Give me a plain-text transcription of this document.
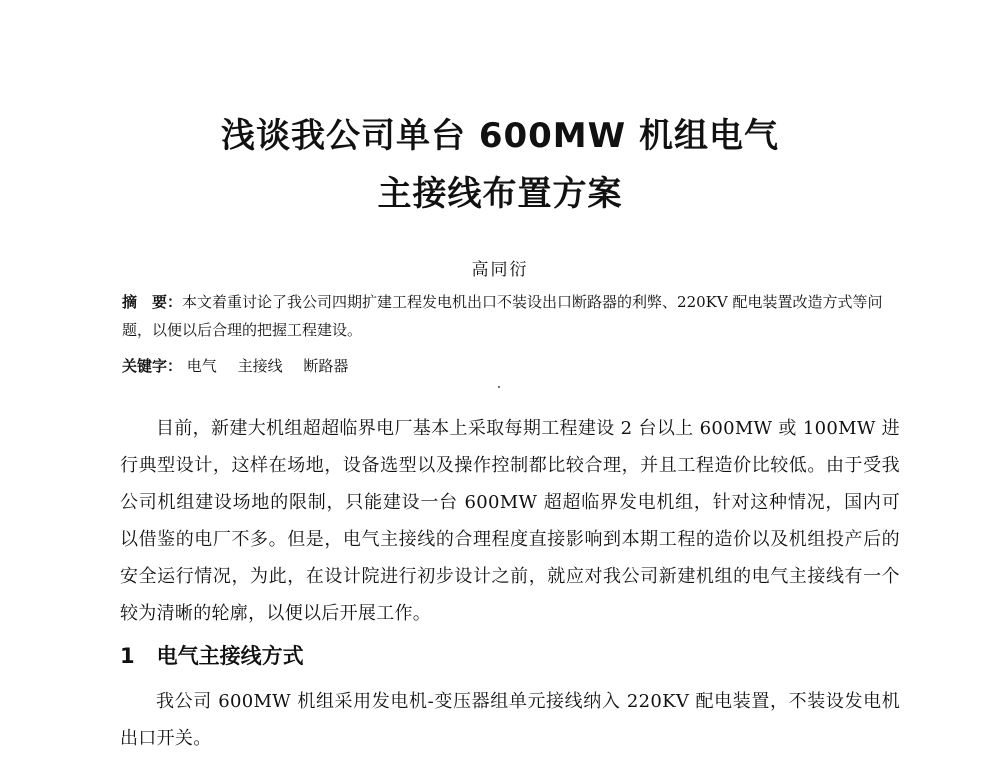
浅谈我公司单台 600MW 机组电气
主接线布置方案
高同衍
摘　要：本文着重讨论了我公司四期扩建工程发电机出口不装设出口断路器的利弊、220KV 配电装置改造方式等问题，以便以后合理的把握工程建设。
关键字： 电气 主接线 断路器
目前，新建大机组超超临界电厂基本上采取每期工程建设 2 台以上 600MW 或 100MW 进行典型设计，这样在场地，设备选型以及操作控制都比较合理，并且工程造价比较低。由于受我公司机组建设场地的限制，只能建设一台 600MW 超超临界发电机组，针对这种情况，国内可以借鉴的电厂不多。但是，电气主接线的合理程度直接影响到本期工程的造价以及机组投产后的安全运行情况，为此，在设计院进行初步设计之前，就应对我公司新建机组的电气主接线有一个较为清晰的轮廓，以便以后开展工作。
1 电气主接线方式
我公司 600MW 机组采用发电机-变压器组单元接线纳入 220KV 配电装置，不装设发电机出口开关。
